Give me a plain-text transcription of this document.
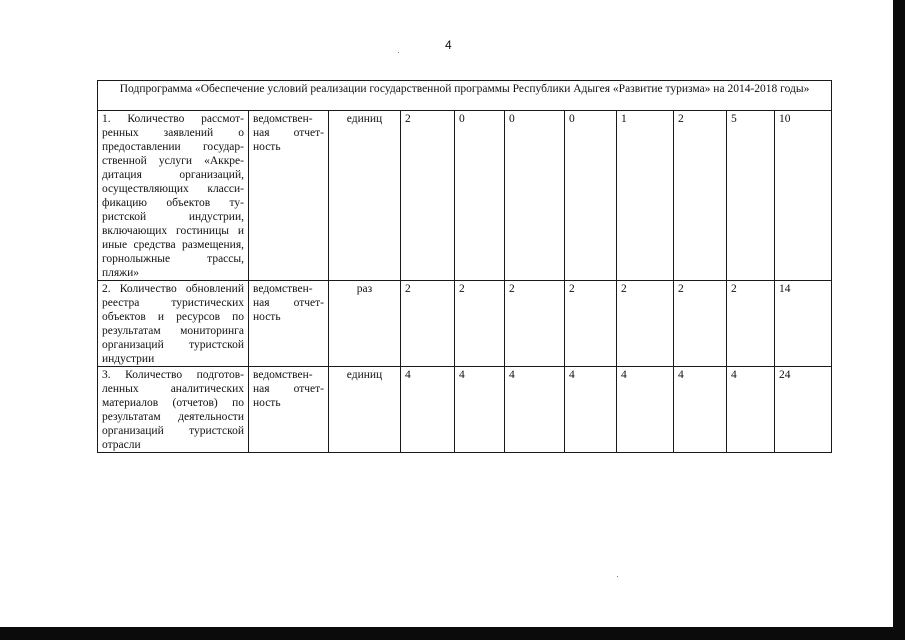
4
Подпрограмма «Обеспечение условий реализации государственной программы Республики Адыгея «Развитие туризма» на 2014-2018 годы»										
1. Количество рассмотренных заявлений о предоставлении государственной услуги «Аккредитация организаций, осуществляющих классификацию объектов туристской индустрии, включающих гостиницы и иные средства размещения, горнолыжные трассы, пляжи»	ведомственная отчетность	единиц	2	0	0	0	1	2	5	10
2. Количество обновлений реестра туристических объектов и ресурсов по результатам мониторинга организаций туристской индустрии	ведомственная отчетность	раз	2	2	2	2	2	2	2	14
3. Количество подготовленных аналитических материалов (отчетов) по результатам деятельности организаций туристской отрасли	ведомственная отчетность	единиц	4	4	4	4	4	4	4	24
